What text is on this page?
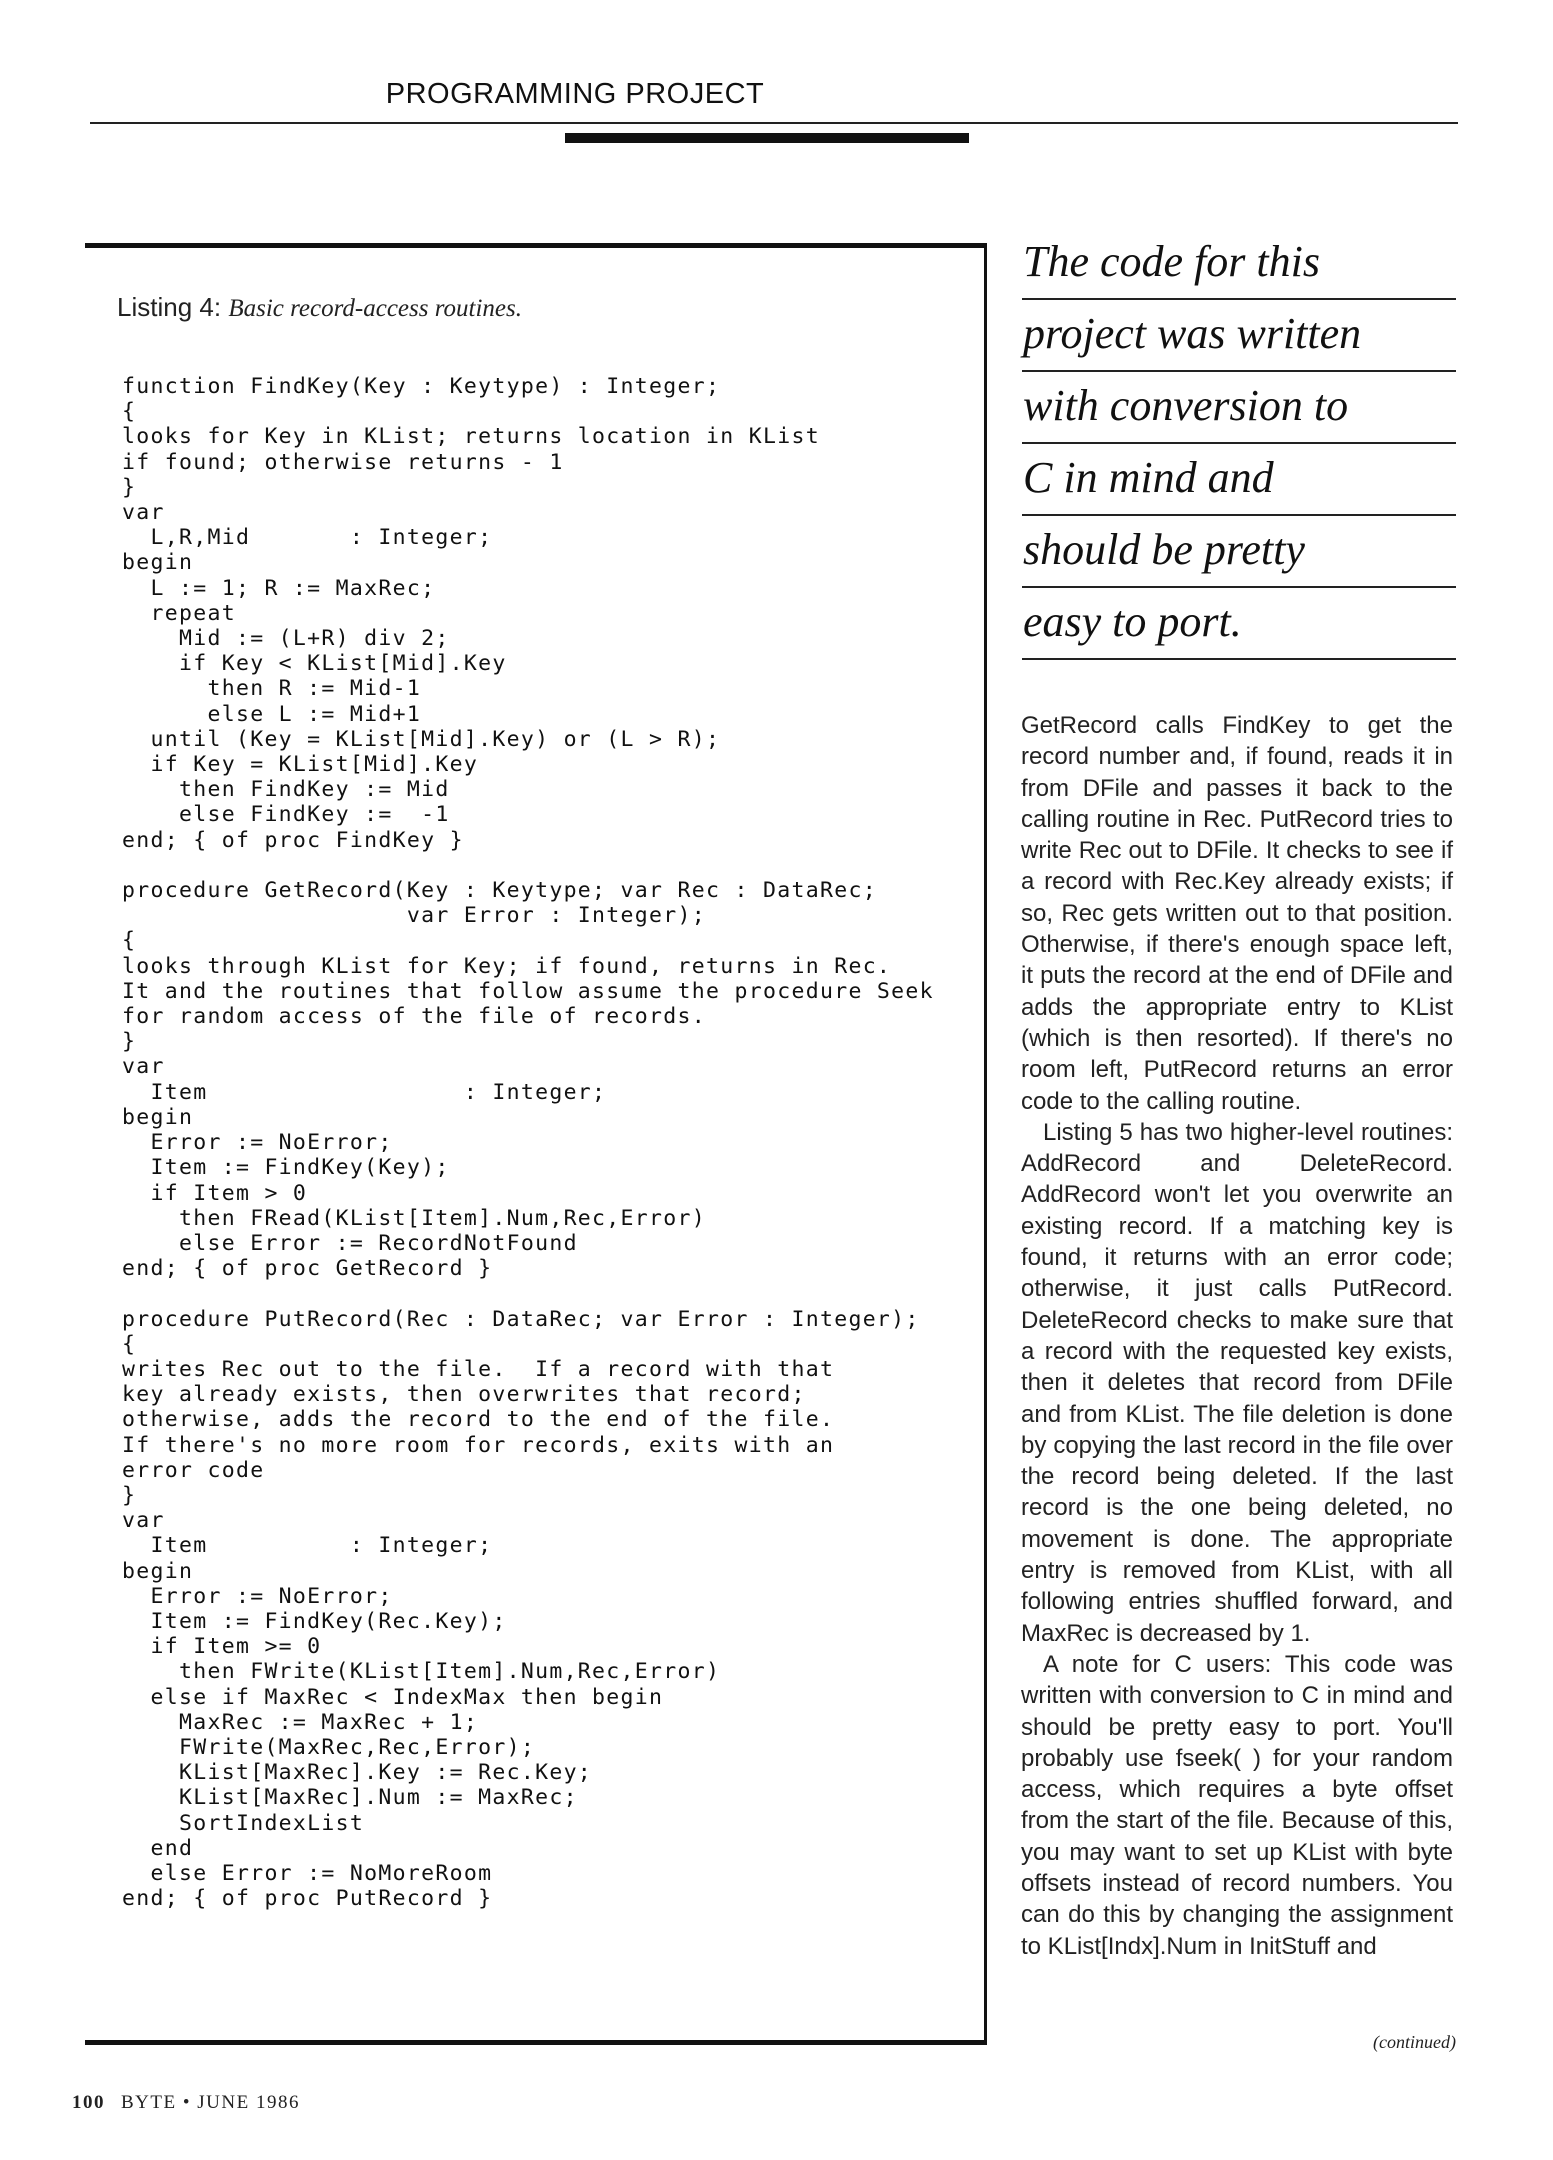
PROGRAMMING PROJECT
Listing 4: Basic record-access routines.
function FindKey(Key : Keytype) : Integer;
{
looks for Key in KList; returns location in KList
if found; otherwise returns - 1
}
var
L,R,Mid       : Integer;
begin
L := 1; R := MaxRec;
repeat
Mid := (L+R) div 2;
if Key < KList[Mid].Key
then R := Mid-1
else L := Mid+1
until (Key = KList[Mid].Key) or (L > R);
if Key = KList[Mid].Key
then FindKey := Mid
else FindKey :=  -1
end; { of proc FindKey }

procedure GetRecord(Key : Keytype; var Rec : DataRec;
var Error : Integer);
{
looks through KList for Key; if found, returns in Rec.
It and the routines that follow assume the procedure Seek
for random access of the file of records.
}
var
Item                  : Integer;
begin
Error := NoError;
Item := FindKey(Key);
if Item > 0
then FRead(KList[Item].Num,Rec,Error)
else Error := RecordNotFound
end; { of proc GetRecord }

procedure PutRecord(Rec : DataRec; var Error : Integer);
{
writes Rec out to the file.  If a record with that
key already exists, then overwrites that record;
otherwise, adds the record to the end of the file.
If there's no more room for records, exits with an
error code
}
var
Item          : Integer;
begin
Error := NoError;
Item := FindKey(Rec.Key);
if Item >= 0
then FWrite(KList[Item].Num,Rec,Error)
else if MaxRec < IndexMax then begin
MaxRec := MaxRec + 1;
FWrite(MaxRec,Rec,Error);
KList[MaxRec].Key := Rec.Key;
KList[MaxRec].Num := MaxRec;
SortIndexList
end
else Error := NoMoreRoom
end; { of proc PutRecord }
The code for this
project was written
with conversion to
C in mind and
should be pretty
easy to port.

GetRecord calls FindKey to get the record number and, if found, reads it in from DFile and passes it back to the calling routine in Rec. PutRecord tries to write Rec out to DFile. It checks to see if a record with Rec.Key already exists; if so, Rec gets written out to that position. Otherwise, if there's enough space left, it puts the record at the end of DFile and adds the appropriate entry to KList (which is then resorted). If there's no room left, PutRecord returns an error code to the calling routine.

Listing 5 has two higher-level routines: AddRecord and DeleteRecord. AddRecord won't let you overwrite an existing record. If a matching key is found, it returns with an error code; otherwise, it just calls PutRecord. DeleteRecord checks to make sure that a record with the requested key exists, then it deletes that record from DFile and from KList. The file deletion is done by copying the last record in the file over the record being deleted. If the last record is the one being deleted, no movement is done. The appropriate entry is removed from KList, with all following entries shuffled forward, and MaxRec is decreased by 1.

A note for C users: This code was written with conversion to C in mind and should be pretty easy to port. You'll probably use fseek( ) for your random access, which requires a byte offset from the start of the file. Because of this, you may want to set up KList with byte offsets instead of record numbers. You can do this by changing the assignment to KList[Indx].Num in InitStuff and

(continued)
100 BYTE • JUNE 1986
